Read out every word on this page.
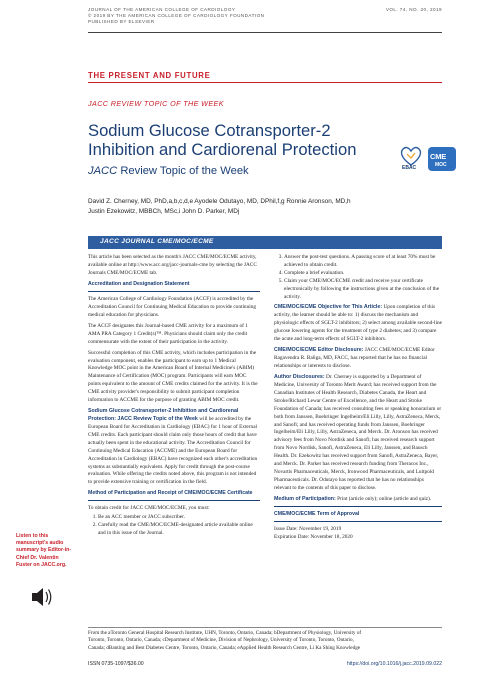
JOURNAL OF THE AMERICAN COLLEGE OF CARDIOLOGY
© 2019 BY THE AMERICAN COLLEGE OF CARDIOLOGY FOUNDATION
PUBLISHED BY ELSEVIER
VOL. 74, NO. 20, 2019
THE PRESENT AND FUTURE
JACC REVIEW TOPIC OF THE WEEK
Sodium Glucose Cotransporter-2
Inhibition and Cardiorenal Protection
JACC Review Topic of the Week	EBAC
CME
MOC
David Z. Cherney, MD, PhD,a,b,c,d,e Ayodele Odutayo, MD, DPhil,f,g Ronnie Aronson, MD,h
Justin Ezekowitz, MBBCh, MSc,i John D. Parker, MDj
JACC JOURNAL CME/MOC/ECME

This article has been selected as the month's JACC CME/MOC/ECME activity, available online at http://www.acc.org/jacc-journals-cme by selecting the JACC Journals CME/MOC/ECME tab.

Accreditation and Designation Statement

The American College of Cardiology Foundation (ACCF) is accredited by the Accreditation Council for Continuing Medical Education to provide continuing medical education for physicians.

The ACCF designates this Journal-based CME activity for a maximum of 1 AMA PRA Category 1 Credit(s)™. Physicians should claim only the credit commensurate with the extent of their participation in the activity.

Successful completion of this CME activity, which includes participation in the evaluation component, enables the participant to earn up to 1 Medical Knowledge MOC point in the American Board of Internal Medicine's (ABIM) Maintenance of Certification (MOC) program. Participants will earn MOC points equivalent to the amount of CME credits claimed for the activity. It is the CME activity provider's responsibility to submit participant completion information to ACCME for the purpose of granting ABIM MOC credit.

Sodium Glucose Cotransporter-2 Inhibition and Cardiorenal Protection: JACC Review Topic of the Week will be accredited by the European Board for Accreditation in Cardiology (EBAC) for 1 hour of External CME credits. Each participant should claim only those hours of credit that have actually been spent in the educational activity. The Accreditation Council for Continuing Medical Education (ACCME) and the European Board for Accreditation in Cardiology (EBAC) have recognized each other's accreditation systems as substantially equivalent. Apply for credit through the post-course evaluation. While offering the credits noted above, this program is not intended to provide extensive training or certification in the field.

Method of Participation and Receipt of CME/MOC/ECME Certificate

To obtain credit for JACC CME/MOC/ECME, you must:

1. Be an ACC member or JACC subscriber.
2. Carefully read the CME/MOC/ECME-designated article available online and in this issue of the Journal.
3. Answer the post-test questions. A passing score of at least 70% must be achieved to obtain credit.
4. Complete a brief evaluation.
5. Claim your CME/MOC/ECME credit and receive your certificate electronically by following the instructions given at the conclusion of the activity.

CME/MOC/ECME Objective for This Article: Upon completion of this activity, the learner should be able to: 1) discuss the mechanism and physiologic effects of SGLT-2 inhibitors; 2) select among available second-line glucose lowering agents for the treatment of type 2 diabetes; and 3) compare the acute and long-term effects of SGLT-2 inhibitors.

CME/MOC/ECME Editor Disclosure: JACC CME/MOC/ECME Editor Ragavendra R. Baliga, MD, FACC, has reported that he has no financial relationships or interests to disclose.

Author Disclosures: Dr. Cherney is supported by a Department of Medicine, University of Toronto Merit Award; has received support from the Canadian Institutes of Health Research, Diabetes Canada, the Heart and Stroke/Richard Lewar Centre of Excellence, and the Heart and Stroke Foundation of Canada; has received consulting fees or speaking honorarium or both from Janssen, Boehringer Ingelheim/Eli Lilly, Lilly, AstraZeneca, Merck, and Sanofi; and has received operating funds from Janssen, Boehringer Ingelheim/Eli Lilly, Lilly, AstraZeneca, and Merck. Dr. Aronson has received advisory fees from Novo Nordisk and Sanofi; has received research support from Novo Nordisk, Sanofi, AstraZeneca, Eli Lilly, Janssen, and Bausch Health. Dr. Ezekowitz has received support from Sanofi, AstraZeneca, Bayer, and Merck. Dr. Parker has received research funding from Theracos Inc., Novartis Pharmaceuticals, Merck, Ironwood Pharmaceuticals, and Luitpold Pharmaceuticals. Dr. Odutayo has reported that he has no relationships relevant to the contents of this paper to disclose.

Medium of Participation: Print (article only); online (article and quiz).

CME/MOC/ECME Term of Approval

Issue Date: November 19, 2019
Expiration Date: November 18, 2020
Listen to this manuscript's audio summary by Editor-in-Chief Dr. Valentin Fuster on JACC.org.
From the aToronto General Hospital Research Institute, UHN, Toronto, Ontario, Canada; bDepartment of Physiology, University of
Toronto, Toronto, Ontario, Canada; cDepartment of Medicine, Division of Nephrology, University of Toronto, Toronto, Ontario,
Canada; dBanting and Best Diabetes Centre, Toronto, Ontario, Canada; eApplied Health Research Centre, Li Ka Shing Knowledge
ISSN 0735-1097/$36.00	https://doi.org/10.1016/j.jacc.2019.09.022
